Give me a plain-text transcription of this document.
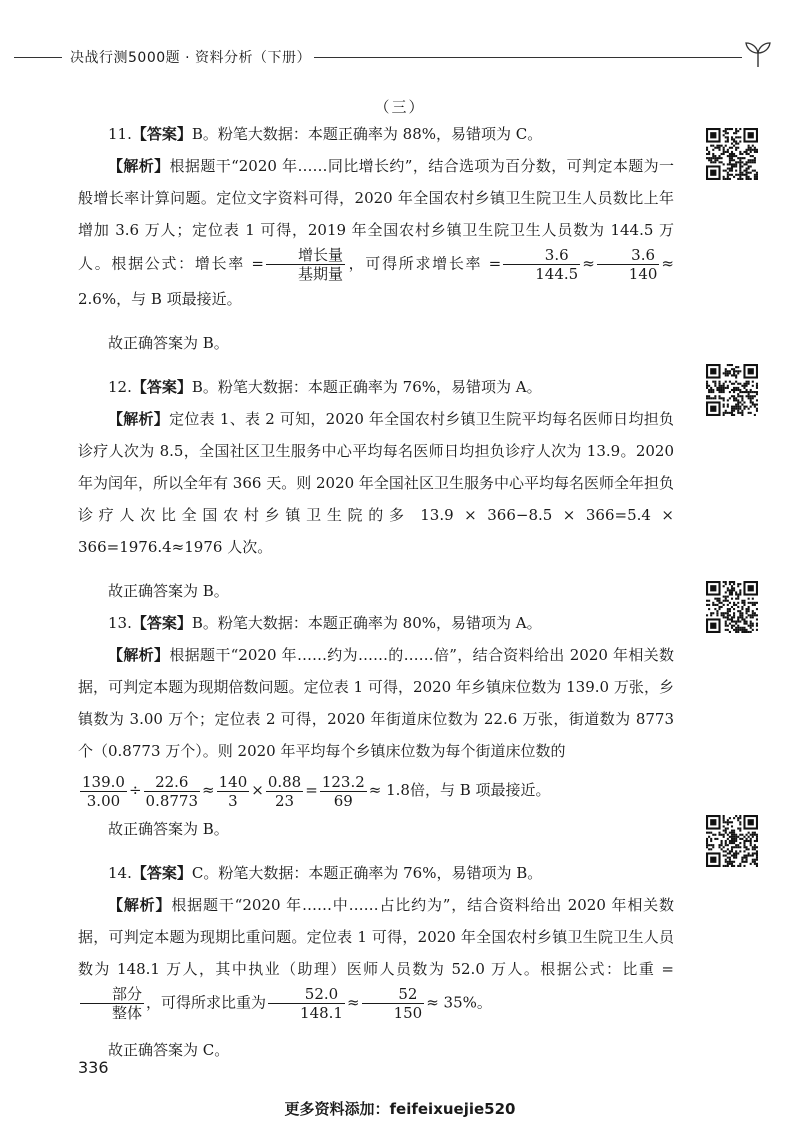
决战行测5000题 · 资料分析（下册）
（三）

11.【答案】B。粉笔大数据：本题正确率为 88%，易错项为 C。

【解析】根据题干“2020 年……同比增长约”，结合选项为百分数，可判定本题为一般增长率计算问题。定位文字资料可得，2020 年全国农村乡镇卫生院卫生人员数比上年增加 3.6 万人；定位表 1 可得，2019 年全国农村乡镇卫生院卫生人员数为 144.5 万人。根据公式：增长率 = $\frac{\text{增长量}}{\text{基期量}}$ ，可得所求增长率 = $\frac{3.6}{144.5} \approx \frac{3.6}{140} \approx 2.6\%$，与 B 项最接近。

故正确答案为 B。

12.【答案】B。粉笔大数据：本题正确率为 76%，易错项为 A。

【解析】定位表 1、表 2 可知，2020 年全国农村乡镇卫生院平均每名医师日均担负诊疗人次为 8.5，全国社区卫生服务中心平均每名医师日均担负诊疗人次为 13.9。2020 年为闰年，所以全年有 366 天。则 2020 年全国社区卫生服务中心平均每名医师全年担负诊疗人次比全国农村乡镇卫生院的多 13.9 × 366−8.5 × 366=5.4 × 366=1976.4≈1976 人次。

故正确答案为 B。

13.【答案】B。粉笔大数据：本题正确率为 80%，易错项为 A。

【解析】根据题干“2020 年……约为……的……倍”，结合资料给出 2020 年相关数据，可判定本题为现期倍数问题。定位表 1 可得，2020 年乡镇床位数为 139.0 万张，乡镇数为 3.00 万个；定位表 2 可得，2020 年街道床位数为 22.6 万张，街道数为 8773 个（0.8773 万个）。则 2020 年平均每个乡镇床位数为每个街道床位数的

$\frac{139.0}{3.00} \div \frac{22.6}{0.8773} \approx \frac{140}{3} \times \frac{0.88}{23} = \frac{123.2}{69} \approx 1.8$倍，与 B 项最接近。

故正确答案为 B。

14.【答案】C。粉笔大数据：本题正确率为 76%，易错项为 B。

【解析】根据题干“2020 年……中……占比约为”，结合资料给出 2020 年相关数据，可判定本题为现期比重问题。定位表 1 可得，2020 年全国农村乡镇卫生院卫生人员数为 148.1 万人，其中执业（助理）医师人员数为 52.0 万人。根据公式：比重 =
$\frac{\text{部分}}{\text{整体}}$ ，可得所求比重为 $\frac{52.0}{148.1} \approx \frac{52}{150} \approx 35\%$。

故正确答案为 C。

336
更多资料添加：feifeixuejie520
